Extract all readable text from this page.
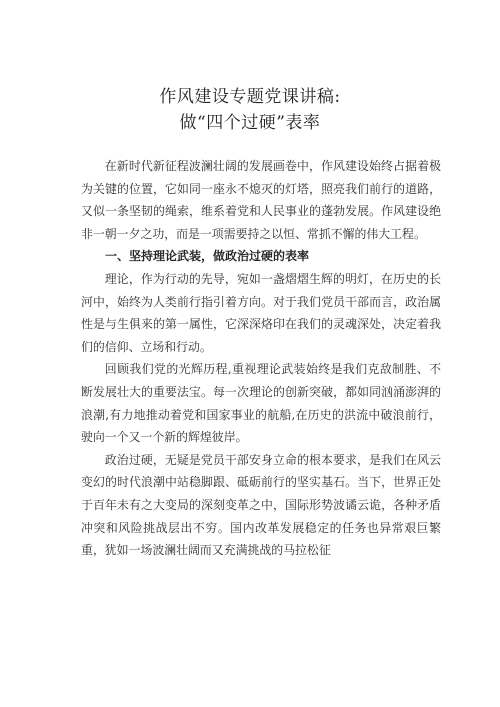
作风建设专题党课讲稿:
做“四个过硬”表率

在新时代新征程波澜壮阔的发展画卷中，作风建设始终占据着极为关键的位置，它如同一座永不熄灭的灯塔，照亮我们前行的道路，又似一条坚韧的绳索，维系着党和人民事业的蓬勃发展。作风建设绝非一朝一夕之功，而是一项需要持之以恒、常抓不懈的伟大工程。

一、坚持理论武装，做政治过硬的表率

理论，作为行动的先导，宛如一盏熠熠生辉的明灯，在历史的长河中，始终为人类前行指引着方向。对于我们党员干部而言，政治属性是与生俱来的第一属性，它深深烙印在我们的灵魂深处，决定着我们的信仰、立场和行动。

回顾我们党的光辉历程,重视理论武装始终是我们克敌制胜、不断发展壮大的重要法宝。每一次理论的创新突破，都如同汹涌澎湃的浪潮,有力地推动着党和国家事业的航船,在历史的洪流中破浪前行，驶向一个又一个新的辉煌彼岸。

政治过硬，无疑是党员干部安身立命的根本要求，是我们在风云变幻的时代浪潮中站稳脚跟、砥砺前行的坚实基石。当下，世界正处于百年未有之大变局的深刻变革之中，国际形势波谲云诡，各种矛盾冲突和风险挑战层出不穷。国内改革发展稳定的任务也异常艰巨繁重，犹如一场波澜壮阔而又充满挑战的马拉松征
